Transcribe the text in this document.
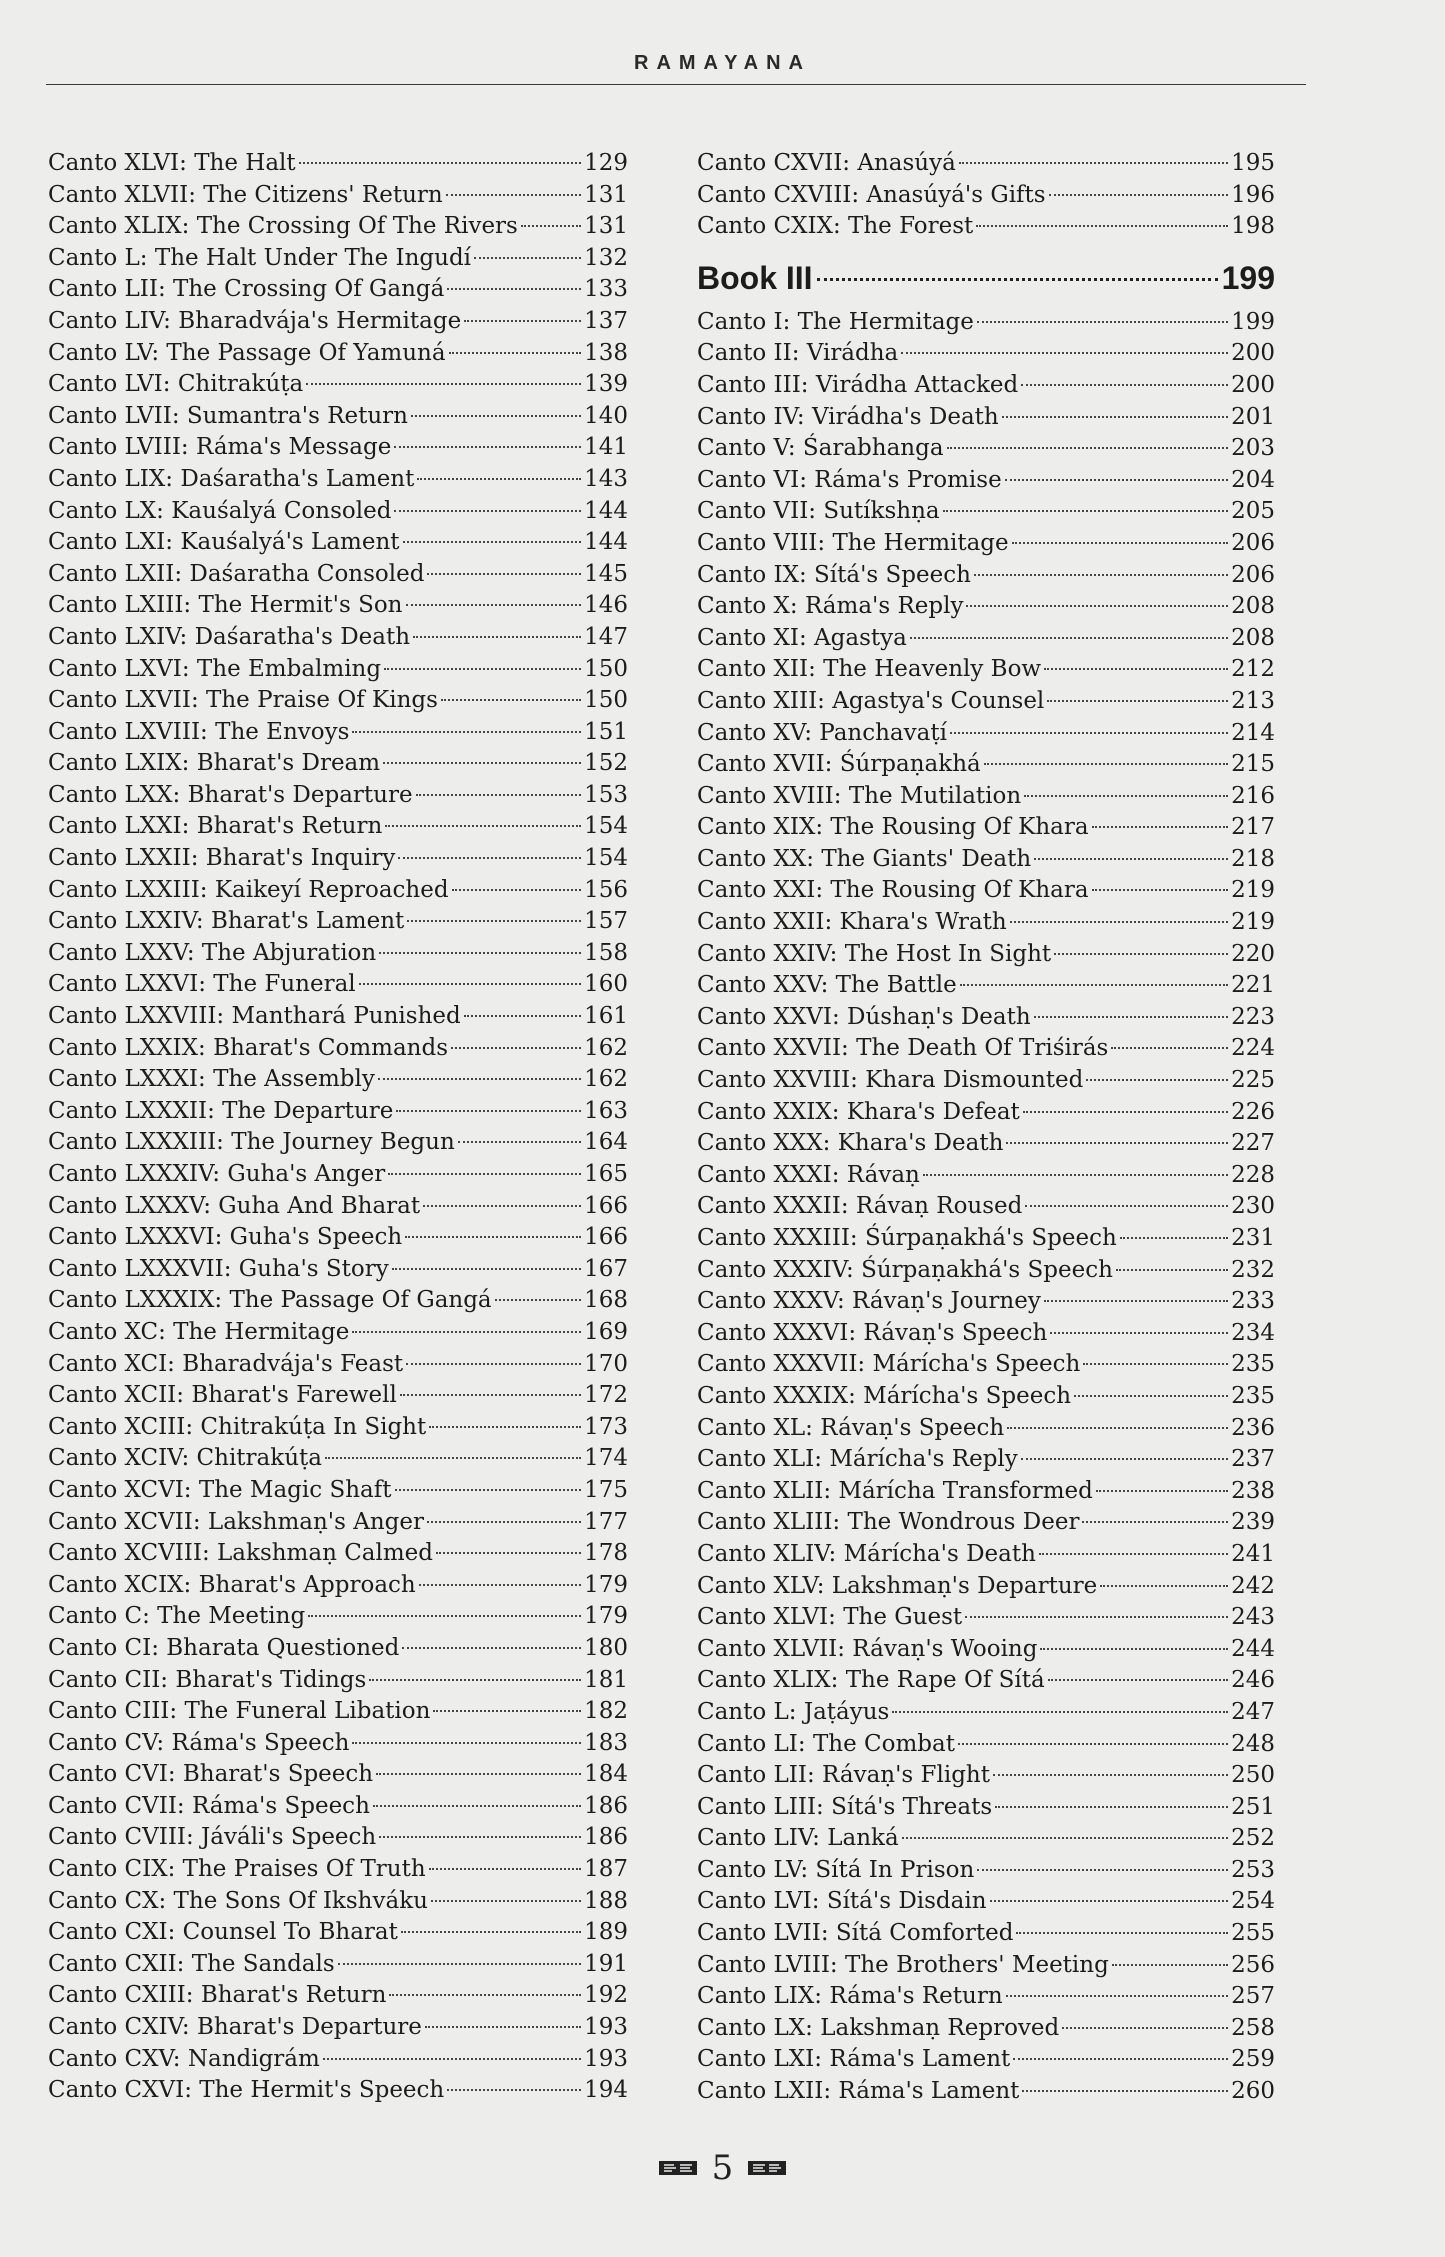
RAMAYANA
Canto XLVI: The Halt	129
Canto XLVII: The Citizens' Return	131
Canto XLIX: The Crossing Of The Rivers	131
Canto L: The Halt Under The Ingudí	132
Canto LII: The Crossing Of Gangá	133
Canto LIV: Bharadvája's Hermitage	137
Canto LV: The Passage Of Yamuná	138
Canto LVI: Chitrakúṭa	139
Canto LVII: Sumantra's Return	140
Canto LVIII: Ráma's Message	141
Canto LIX: Daśaratha's Lament	143
Canto LX: Kauśalyá Consoled	144
Canto LXI: Kauśalyá's Lament	144
Canto LXII: Daśaratha Consoled	145
Canto LXIII: The Hermit's Son	146
Canto LXIV: Daśaratha's Death	147
Canto LXVI: The Embalming	150
Canto LXVII: The Praise Of Kings	150
Canto LXVIII: The Envoys	151
Canto LXIX: Bharat's Dream	152
Canto LXX: Bharat's Departure	153
Canto LXXI: Bharat's Return	154
Canto LXXII: Bharat's Inquiry	154
Canto LXXIII: Kaikeyí Reproached	156
Canto LXXIV: Bharat's Lament	157
Canto LXXV: The Abjuration	158
Canto LXXVI: The Funeral	160
Canto LXXVIII: Manthará Punished	161
Canto LXXIX: Bharat's Commands	162
Canto LXXXI: The Assembly	162
Canto LXXXII: The Departure	163
Canto LXXXIII: The Journey Begun	164
Canto LXXXIV: Guha's Anger	165
Canto LXXXV: Guha And Bharat	166
Canto LXXXVI: Guha's Speech	166
Canto LXXXVII: Guha's Story	167
Canto LXXXIX: The Passage Of Gangá	168
Canto XC: The Hermitage	169
Canto XCI: Bharadvája's Feast	170
Canto XCII: Bharat's Farewell	172
Canto XCIII: Chitrakúṭa In Sight	173
Canto XCIV: Chitrakúṭa	174
Canto XCVI: The Magic Shaft	175
Canto XCVII: Lakshmaṇ's Anger	177
Canto XCVIII: Lakshmaṇ Calmed	178
Canto XCIX: Bharat's Approach	179
Canto C: The Meeting	179
Canto CI: Bharata Questioned	180
Canto CII: Bharat's Tidings	181
Canto CIII: The Funeral Libation	182
Canto CV: Ráma's Speech	183
Canto CVI: Bharat's Speech	184
Canto CVII: Ráma's Speech	186
Canto CVIII: Jáváli's Speech	186
Canto CIX: The Praises Of Truth	187
Canto CX: The Sons Of Ikshváku	188
Canto CXI: Counsel To Bharat	189
Canto CXII: The Sandals	191
Canto CXIII: Bharat's Return	192
Canto CXIV: Bharat's Departure	193
Canto CXV: Nandigrám	193
Canto CXVI: The Hermit's Speech	194
Canto CXVII: Anasúyá	195
Canto CXVIII: Anasúyá's Gifts	196
Canto CXIX: The Forest	198
Book III	199
Canto I: The Hermitage	199
Canto II: Virádha	200
Canto III: Virádha Attacked	200
Canto IV: Virádha's Death	201
Canto V: Śarabhanga	203
Canto VI: Ráma's Promise	204
Canto VII: Sutíkshṇa	205
Canto VIII: The Hermitage	206
Canto IX: Sítá's Speech	206
Canto X: Ráma's Reply	208
Canto XI: Agastya	208
Canto XII: The Heavenly Bow	212
Canto XIII: Agastya's Counsel	213
Canto XV: Panchavaṭí	214
Canto XVII: Śúrpaṇakhá	215
Canto XVIII: The Mutilation	216
Canto XIX: The Rousing Of Khara	217
Canto XX: The Giants' Death	218
Canto XXI: The Rousing Of Khara	219
Canto XXII: Khara's Wrath	219
Canto XXIV: The Host In Sight	220
Canto XXV: The Battle	221
Canto XXVI: Dúshaṇ's Death	223
Canto XXVII: The Death Of Triśirás	224
Canto XXVIII: Khara Dismounted	225
Canto XXIX: Khara's Defeat	226
Canto XXX: Khara's Death	227
Canto XXXI: Rávaṇ	228
Canto XXXII: Rávaṇ Roused	230
Canto XXXIII: Śúrpaṇakhá's Speech	231
Canto XXXIV: Śúrpaṇakhá's Speech	232
Canto XXXV: Rávaṇ's Journey	233
Canto XXXVI: Rávaṇ's Speech	234
Canto XXXVII: Márícha's Speech	235
Canto XXXIX: Márícha's Speech	235
Canto XL: Rávaṇ's Speech	236
Canto XLI: Márícha's Reply	237
Canto XLII: Márícha Transformed	238
Canto XLIII: The Wondrous Deer	239
Canto XLIV: Márícha's Death	241
Canto XLV: Lakshmaṇ's Departure	242
Canto XLVI: The Guest	243
Canto XLVII: Rávaṇ's Wooing	244
Canto XLIX: The Rape Of Sítá	246
Canto L: Jaṭáyus	247
Canto LI: The Combat	248
Canto LII: Rávaṇ's Flight	250
Canto LIII: Sítá's Threats	251
Canto LIV: Lanká	252
Canto LV: Sítá In Prison	253
Canto LVI: Sítá's Disdain	254
Canto LVII: Sítá Comforted	255
Canto LVIII: The Brothers' Meeting	256
Canto LIX: Ráma's Return	257
Canto LX: Lakshmaṇ Reproved	258
Canto LXI: Ráma's Lament	259
Canto LXII: Ráma's Lament	260
5
